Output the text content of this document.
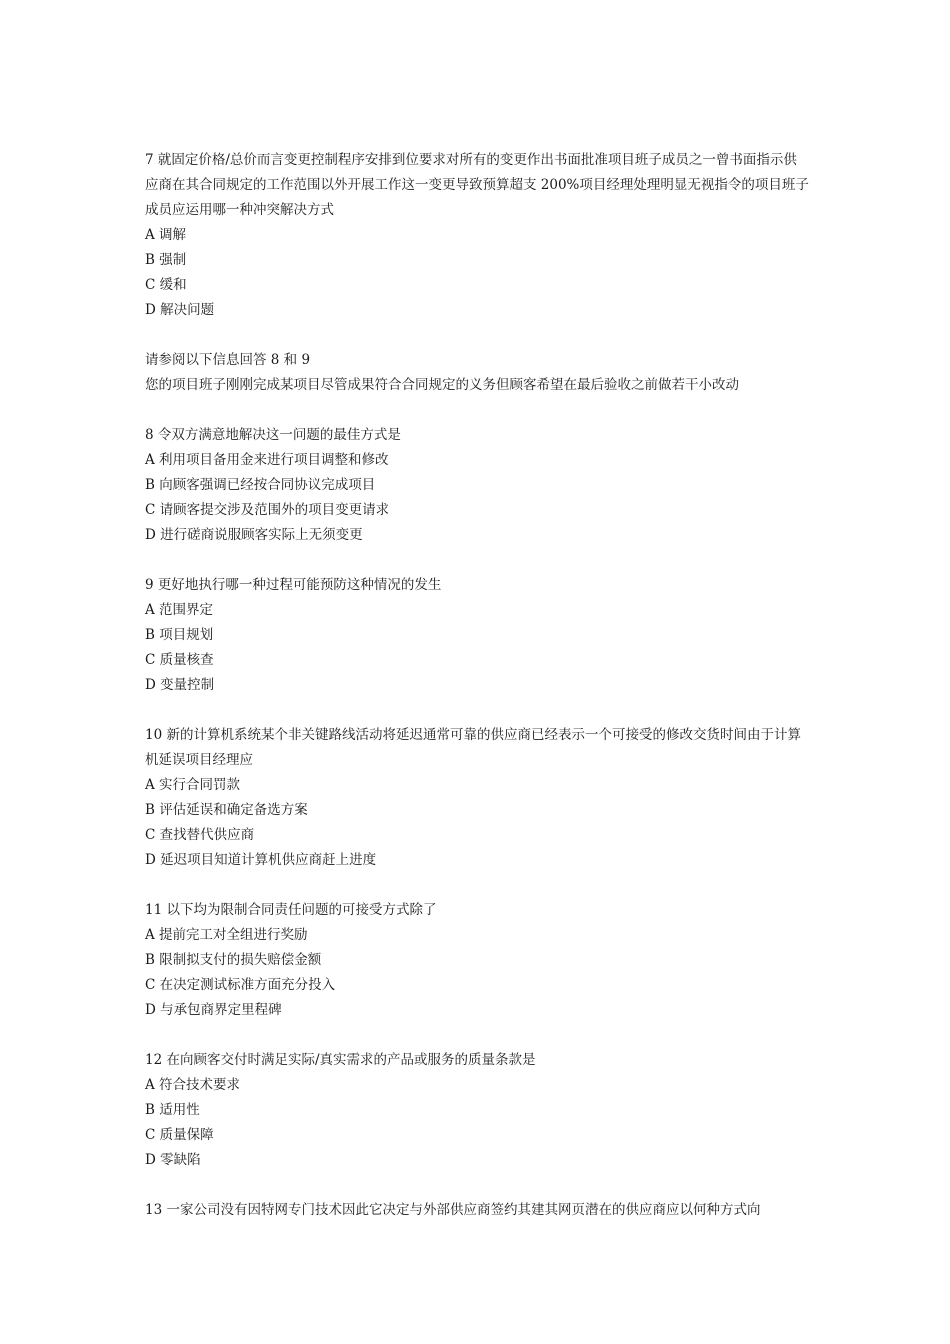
7 就固定价格/总价而言变更控制程序安排到位要求对所有的变更作出书面批准项目班子成员之一曾书面指示供应商在其合同规定的工作范围以外开展工作这一变更导致预算超支 200%项目经理处理明显无视指令的项目班子成员应运用哪一种冲突解决方式

A 调解

B 强制

C 缓和

D 解决问题

请参阅以下信息回答 8 和 9

您的项目班子刚刚完成某项目尽管成果符合合同规定的义务但顾客希望在最后验收之前做若干小改动

8 令双方满意地解决这一问题的最佳方式是

A 利用项目备用金来进行项目调整和修改

B 向顾客强调已经按合同协议完成项目

C 请顾客提交涉及范围外的项目变更请求

D 进行磋商说服顾客实际上无须变更

9 更好地执行哪一种过程可能预防这种情况的发生

A 范围界定

B 项目规划

C 质量核查

D 变量控制

10 新的计算机系统某个非关键路线活动将延迟通常可靠的供应商已经表示一个可接受的修改交货时间由于计算机延误项目经理应

A 实行合同罚款

B 评估延误和确定备选方案

C 查找替代供应商

D 延迟项目知道计算机供应商赶上进度

11 以下均为限制合同责任问题的可接受方式除了

A 提前完工对全组进行奖励

B 限制拟支付的损失赔偿金额

C 在决定测试标准方面充分投入

D 与承包商界定里程碑

12 在向顾客交付时满足实际/真实需求的产品或服务的质量条款是

A 符合技术要求

B 适用性

C 质量保障

D 零缺陷

13 一家公司没有因特网专门技术因此它决定与外部供应商签约其建其网页潜在的供应商应以何种方式向
